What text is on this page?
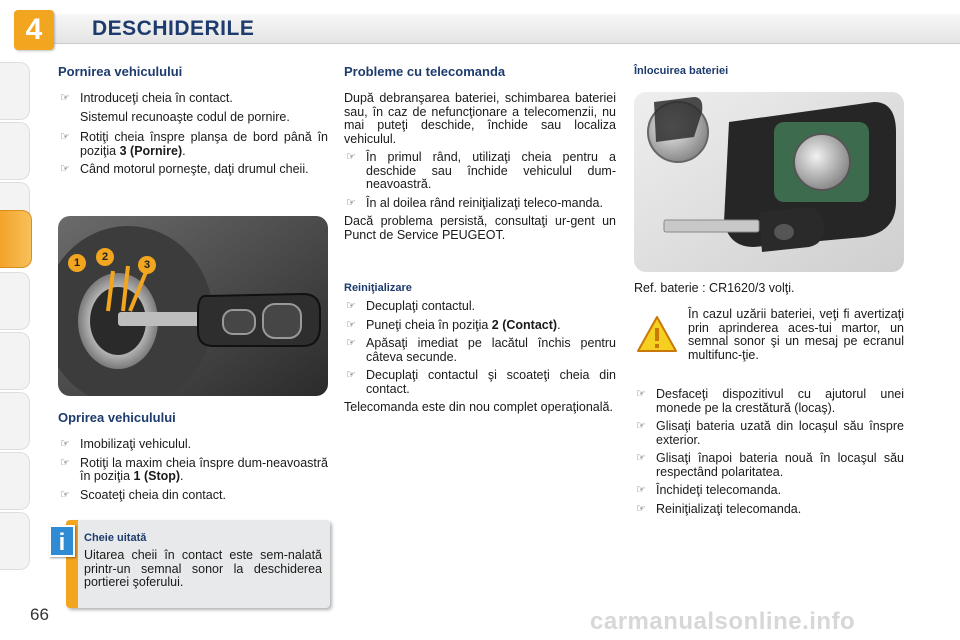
4	DESCHIDERILE
Pornirea vehiculului
☞ Introduceţi cheia în contact.

Sistemul recunoaşte codul de pornire.

☞ Rotiţi cheia înspre planşa de bord până în poziţia 3 (Pornire).
☞ Când motorul porneşte, daţi drumul cheii.
1	2
3
Oprirea vehiculului
☞ Imobilizaţi vehiculul.
☞ Rotiţi la maxim cheia înspre dum-neavoastră în poziţia 1 (Stop).
☞ Scoateţi cheia din contact.
Cheie uitată

Uitarea cheii în contact este sem-nalată printr-un semnal sonor la deschiderea portierei şoferului.

i
Probleme cu telecomanda

După debranşarea bateriei, schimbarea bateriei sau, în caz de nefuncţionare a telecomenzii, nu mai puteţi deschide, închide sau localiza vehiculul.

☞ În primul rând, utilizaţi cheia pentru a deschide sau închide vehiculul dum-neavoastră.
☞ În al doilea rând reiniţializaţi teleco-manda.

Dacă problema persistă, consultaţi ur-gent un Punct de Service PEUGEOT.

Reiniţializare
☞ Decuplaţi contactul.
☞ Puneţi cheia în poziţia 2 (Contact).
☞ Apăsaţi imediat pe lacătul închis pentru câteva secunde.
☞ Decuplaţi contactul şi scoateţi cheia din contact.

Telecomanda este din nou complet operaţională.

Înlocuirea bateriei

Ref. baterie : CR1620/3 volţi.

În cazul uzării bateriei, veţi fi avertizaţi prin aprinderea aces-tui martor, un semnal sonor şi un mesaj pe ecranul multifunc-ţie.

☞ Desfaceţi dispozitivul cu ajutorul unei monede pe la crestătură (locaş).
☞ Glisaţi bateria uzată din locaşul său înspre exterior.
☞ Glisaţi înapoi bateria nouă în locaşul său respectând polaritatea.
☞ Închideţi telecomanda.
☞ Reiniţializaţi telecomanda.
66	carmanualsonline.info
